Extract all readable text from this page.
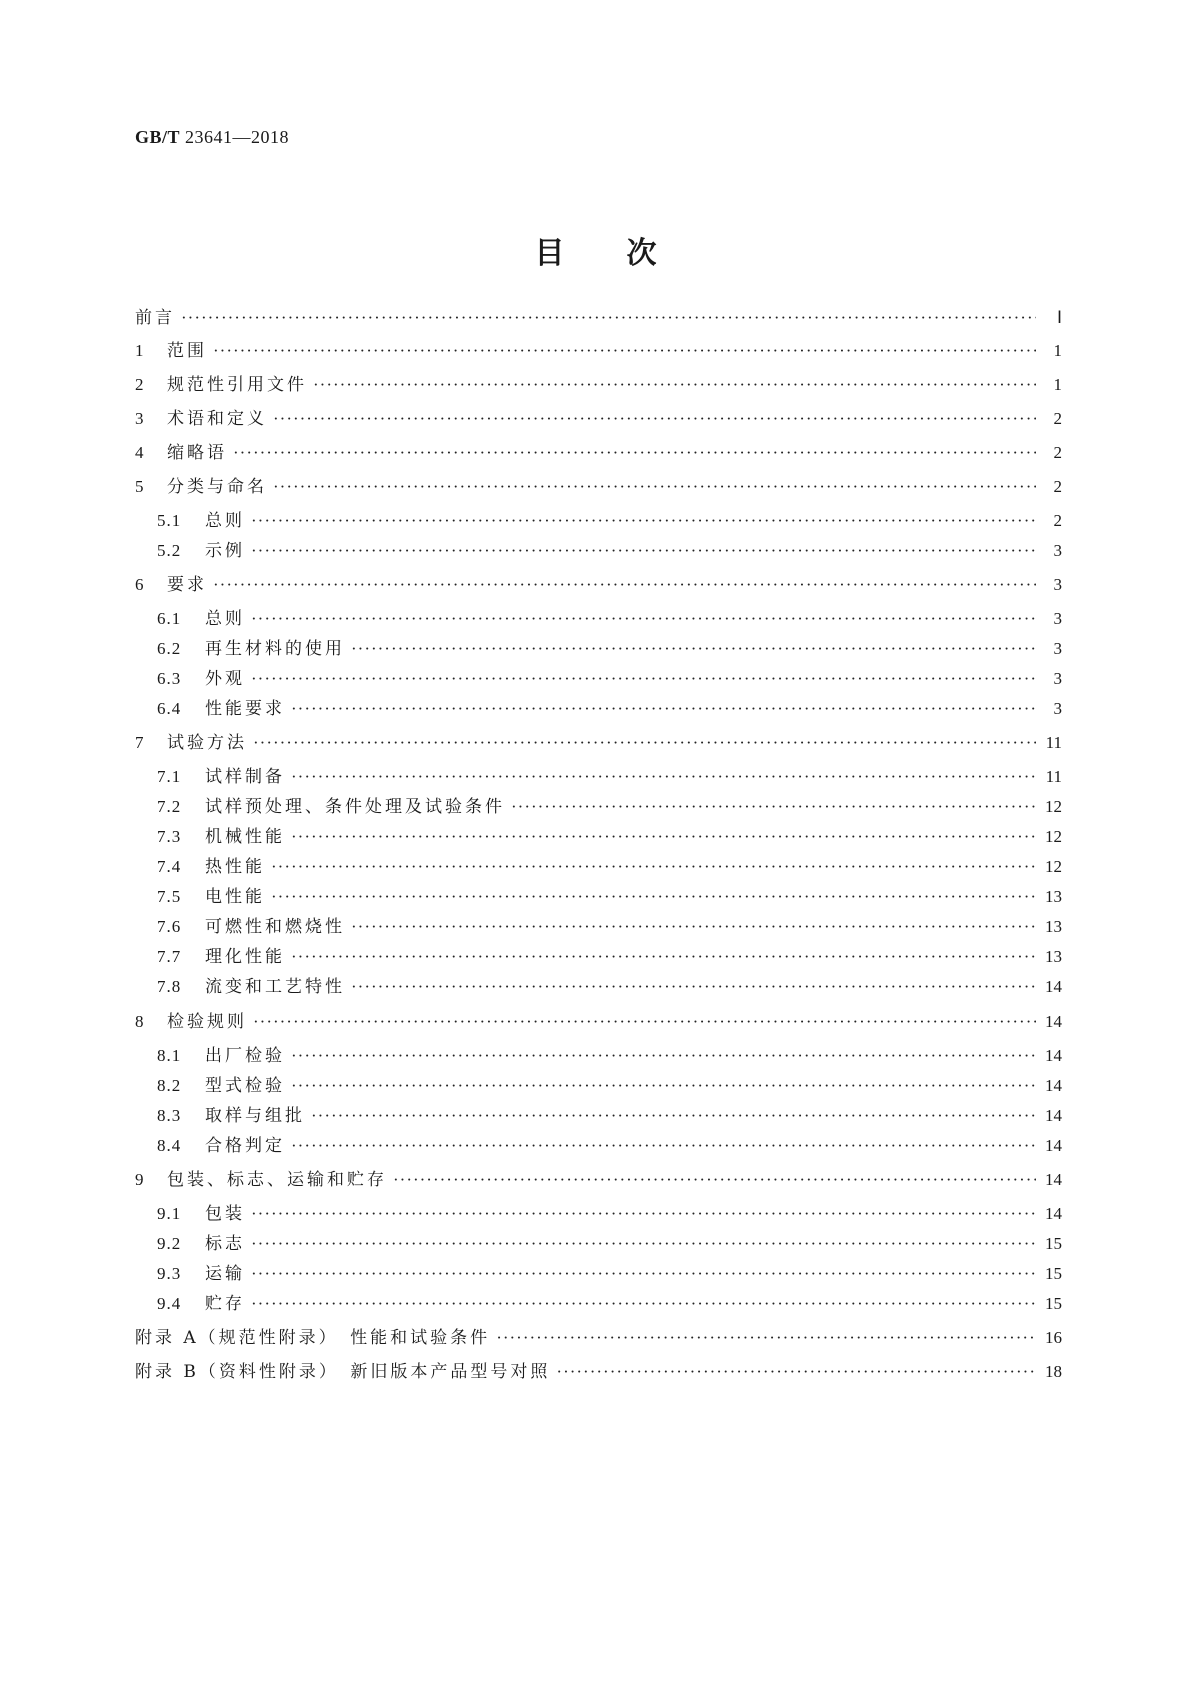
GB/T 23641—2018
目 次
前言 ·····	Ⅰ
1	范围 ·····	1
2	规范性引用文件 ·····	1
3	术语和定义 ·····	2
4	缩略语 ·····	2
5	分类与命名 ·····	2
5.1	总则 ·····	2
5.2	示例 ·····	3
6	要求 ·····	3
6.1	总则 ·····	3
6.2	再生材料的使用 ·····	3
6.3	外观 ·····	3
6.4	性能要求 ·····	3
7	试验方法 ·····	11
7.1	试样制备 ·····	11
7.2	试样预处理、条件处理及试验条件 ·····	12
7.3	机械性能 ·····	12
7.4	热性能 ·····	12
7.5	电性能 ·····	13
7.6	可燃性和燃烧性 ·····	13
7.7	理化性能 ·····	13
7.8	流变和工艺特性 ·····	14
8	检验规则 ·····	14
8.1	出厂检验 ·····	14
8.2	型式检验 ·····	14
8.3	取样与组批 ·····	14
8.4	合格判定 ·····	14
9	包装、标志、运输和贮存 ·····	14
9.1	包装 ·····	14
9.2	标志 ·····	15
9.3	运输 ·····	15
9.4	贮存 ·····	15
附录 A（规范性附录）　性能和试验条件 ·····	16
附录 B（资料性附录）　新旧版本产品型号对照 ·····	18
